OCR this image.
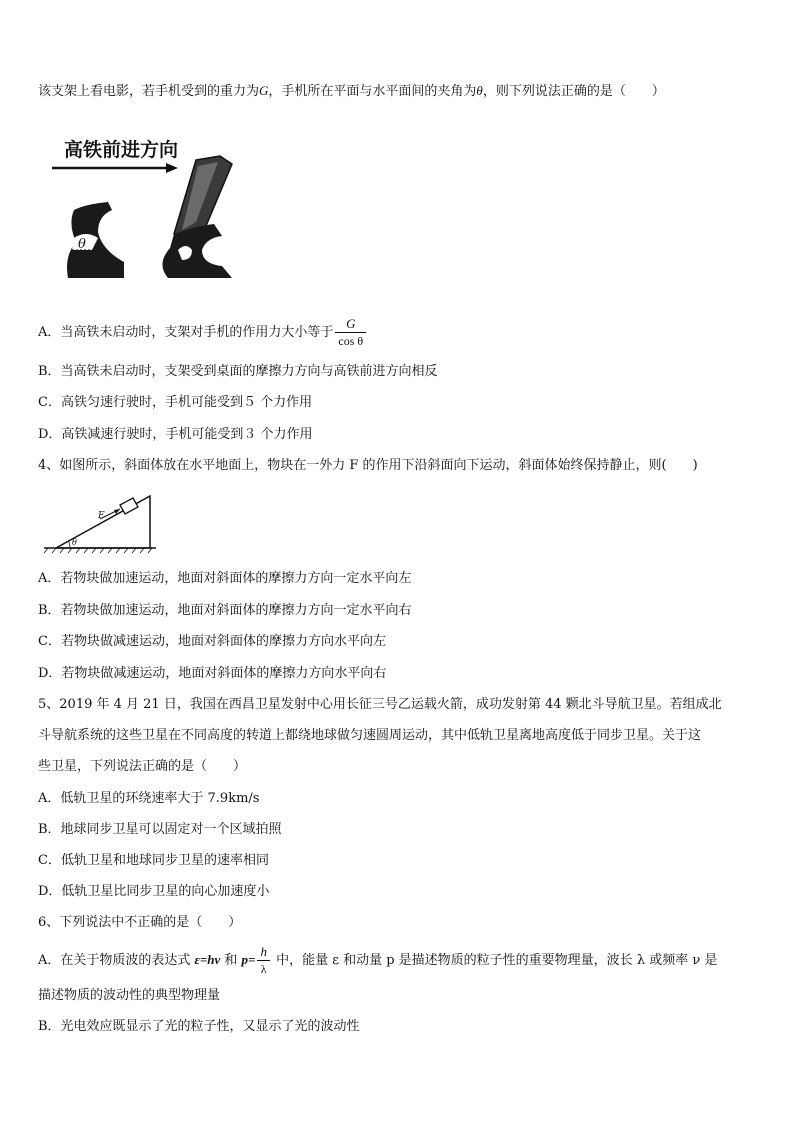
该支架上看电影，若手机受到的重力为G，手机所在平面与水平面间的夹角为θ，则下列说法正确的是（　　）
高铁前进方向
θ
A．当高铁未启动时，支架对手机的作用力大小等于 $\frac{G}{\text{cos θ}}$
B．当高铁未启动时，支架受到桌面的摩擦力方向与高铁前进方向相反
C．高铁匀速行驶时，手机可能受到５ 个力作用
D．高铁减速行驶时，手机可能受到３ 个力作用
4、如图所示，斜面体放在水平地面上，物块在一外力 F 的作用下沿斜面向下运动，斜面体始终保持静止，则(　　)
F
θ
A．若物块做加速运动，地面对斜面体的摩擦力方向一定水平向左
B．若物块做加速运动，地面对斜面体的摩擦力方向一定水平向右
C．若物块做减速运动，地面对斜面体的摩擦力方向水平向左
D．若物块做减速运动，地面对斜面体的摩擦力方向水平向右
5、2019 年 4 月 21 日，我国在西昌卫星发射中心用长征三号乙运载火箭，成功发射第 44 颗北斗导航卫星。若组成北
斗导航系统的这些卫星在不同高度的转道上都绕地球做匀速圆周运动，其中低轨卫星离地高度低于同步卫星。关于这
些卫星，下列说法正确的是（　　）
A．低轨卫星的环绕速率大于 7.9km/s
B．地球同步卫星可以固定对一个区域拍照
C．低轨卫星和地球同步卫星的速率相同
D．低轨卫星比同步卫星的向心加速度小
6、下列说法中不正确的是（　　）
A．在关于物质波的表达式 ε=hν 和 $p= \frac{h}{\lambda}$ 中，能量 ε 和动量 p 是描述物质的粒子性的重要物理量，波长 λ 或频率 ν 是
描述物质的波动性的典型物理量
B．光电效应既显示了光的粒子性，又显示了光的波动性
